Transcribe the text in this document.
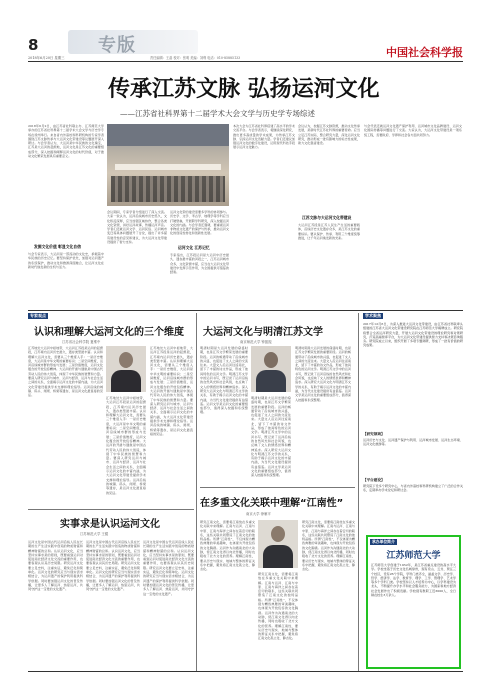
8
2018年6月20日 星期三
专版
责任编辑：王晶 校对：张明 美编：刘利 电话：010-85885133	中国社会科学报
传承江苏文脉 弘扬运河文化
——江苏省社科界第十二届学术大会文学与历史学专场综述
2018年6月2日，由江苏省社科联主办、江苏师范大学承办的江苏省社科界第十二届学术大会文学与历史学专场在徐州举行。来自省内外高校和科研机构的专家学者围绕江苏文脉传承与大运河文化带建设等议题展开深入研讨。与会学者认为，大运河是中华民族的文化瑰宝，江苏是大运河的起源地，运河文化是江苏文化的重要组成部分，深入挖掘和阐释运河文化的时代价值，对于推动文化繁荣发展具有重要意义。
发掘文化价值 彰显文化自信
与会专家表示，大运河是一部流动的文化史，承载着中华民族的历史记忆。要坚持保护优先，加强对运河遗产的系统保护，推动文化和旅游深度融合，让运河文化在新时代焕发新的生机与活力。
会议期间，专家学者分组进行了深入交流。大家一致认为，运河沿线城市历史悠久，文化积淀深厚，应当加强区域协作，整合各类文化资源，讲好运河故事，传播运河声音。学者们还就运河文学、运河民俗、运河城市变迁等具体问题展开了讨论，提出了许多富有建设性的意见和建议，为大运河文化带建设提供了智力支持。
运河文化带的建设需要多学科的协同参与。历史学、文学、考古学、地理学等学科应当打破壁垒，开展跨学科研究，深入挖掘运河文化的内涵。与会学者还强调，要重视运河非物质文化遗产的保护与传承，推动运河文化的创造性转化和创新性发展。
运河文化 江苏记忆
专家指出，江苏段运河是大运河中历史最久、遗存最丰富的河段之一，江苏运河城市众多，文化资源丰富，应当在大运河文化带建设中发挥示范作用，为全国提供可借鉴的经验。
本次大会为江苏省社科界搭建了高水平的学术交流平台。与会学者表示，将继续深化研究，推出更多高质量的学术成果，为传承江苏文脉、弘扬运河文化贡献力量。学者们还建议加强运河文化的数字化建设，运用现代科技手段展示运河文化魅力。
会议认为，挖掘江苏文脉资源，推动文化传承发展，是新时代江苏社科界的重要使命。应当立足江苏实际，整合研究力量，深化运河文化研究，推动形成一批有影响力的标志性成果，助力文化强省建设。
江苏文脉与大运河文化带建设
大运河江苏段是江苏人民生产生活的重要载体，沿线历史文化遗存众多，是江苏文化的重要标识。要从保护、传承、利用三个维度统筹推进，让千年运河焕发新的光彩。
与会代表还就运河文化遗产保护利用、运河城市文化品牌建设、运河文化国际传播等问题进行了交流。大家认为，大运河文化带建设是一项系统工程，需要政府、学界和社会各方面共同努力。
专家观点
认识和理解大运河文化的三个维度
江苏省社会科学院 夏维中
江苏地处大运河中枢地带，大运河江苏段是运河的起源段，江苏境内运河历史最久，遗存类型最丰富。认识和理解大运河文化，需要从三个维度入手：一是历史维度，大运河是中华文明的重要标识；二是空间维度，运河沿线城市群的形成与发展；三是价值维度，运河文化蕴含的开放包容精神。大运河的开凿与通航是中国古代劳动人民的伟大创造，体现了中华民族的智慧和力量。要深入研究运河与城市、运河与经济、运河与社会生活之间的关系，全面揭示运河文化的丰富内涵，为大运河文化带建设提供学术支撑和理论指导。运河沿线的城镇、码头、闸坝、桥梁等遗存，是运河文化最直接的见证。
江苏地处大运河中枢地带，大运河江苏段是运河的起源段，江苏境内运河历史最久，遗存类型最丰富。认识和理解大运河文化，需要从三个维度入手：一是历史维度，大运河是中华文明的重要标识；二是空间维度，运河沿线城市群的形成与发展；三是价值维度，运河文化蕴含的开放包容精神。大运河的开凿与通航是中国古代劳动人民的伟大创造，体现了中华民族的智慧和力量。要深入研究运河与城市、运河与经济、运河与社会生活之间的关系，全面揭示运河文化的丰富内涵，为大运河文化带建设提供学术支撑和理论指导。运河沿线的城镇、码头、闸坝、桥梁等遗存，是运河文化最直接的见证。
江苏地处大运河中枢地带，大运河江苏段是运河的起源段，江苏境内运河历史最久，遗存类型最丰富。认识和理解大运河文化，需要从三个维度入手：一是历史维度，大运河是中华文明的重要标识；二是空间维度，运河沿线城市群的形成与发展；三是价值维度，运河文化蕴含的开放包容精神。大运河的开凿与通航是中国古代劳动人民的伟大创造，体现了中华民族的智慧和力量。要深入研究运河与城市、运河与经济、运河与社会生活之间的关系，全面揭示运河文化的丰富内涵，为大运河文化带建设提供学术支撑和理论指导。运河沿线的城镇、码头、闸坝、桥梁等遗存，是运河文化最直接的见证。
实事求是认识运河文化
江苏师范大学 王健
运河文化是中国古代运河沿线人民在长期的生产生活实践中创造的物质财富和精神财富的总和。认识运河文化，应当坚持实事求是的原则，既要看到运河对促进南北经济文化交流的重要作用，也要客观认识其历史局限。研究运河文化要立足史料，注重实证，避免泛化和简单化。运河文化的研究应当与现实需求相结合，为运河遗产的保护利用提供科学依据。同时要加强运河文化的普及传播，让更多人了解运河、热爱运河，共同守护这一宝贵的文化遗产。
运河文化是中国古代运河沿线人民在长期的生产生活实践中创造的物质财富和精神财富的总和。认识运河文化，应当坚持实事求是的原则，既要看到运河对促进南北经济文化交流的重要作用，也要客观认识其历史局限。研究运河文化要立足史料，注重实证，避免泛化和简单化。运河文化的研究应当与现实需求相结合，为运河遗产的保护利用提供科学依据。同时要加强运河文化的普及传播，让更多人了解运河、热爱运河，共同守护这一宝贵的文化遗产。
运河文化是中国古代运河沿线人民在长期的生产生活实践中创造的物质财富和精神财富的总和。认识运河文化，应当坚持实事求是的原则，既要看到运河对促进南北经济文化交流的重要作用，也要客观认识其历史局限。研究运河文化要立足史料，注重实证，避免泛化和简单化。运河文化的研究应当与现实需求相结合，为运河遗产的保护利用提供科学依据。同时要加强运河文化的普及传播，让更多人了解运河、热爱运河，共同守护这一宝贵的文化遗产。
大运河文化与明清江苏文学
南京师范大学 钟振振
明清时期是大运河发展的鼎盛时期，也是江苏文学繁荣发展的重要阶段。运河的畅通带动了沿线城市的兴盛，也促进了文人之间的交流往来。大量文人沿运河往返南北，留下了丰富的诗文作品，形成了独具特色的运河文学。明清江苏文学中的运河书写，既记录了运河沿线的自然风光和社会风貌，也反映了文人的情感世界和精神追求。深入研究大运河文化与明清江苏文学的关系，有助于揭示运河文化的丰富内涵，为当代文化建设提供有益借鉴。运河文学是运河文化的重要组成部分，值得深入挖掘和系统整理。
明清时期是大运河发展的鼎盛时期，也是江苏文学繁荣发展的重要阶段。运河的畅通带动了沿线城市的兴盛，也促进了文人之间的交流往来。大量文人沿运河往返南北，留下了丰富的诗文作品，形成了独具特色的运河文学。明清江苏文学中的运河书写，既记录了运河沿线的自然风光和社会风貌，也反映了文人的情感世界和精神追求。深入研究大运河文化与明清江苏文学的关系，有助于揭示运河文化的丰富内涵，为当代文化建设提供有益借鉴。运河文学是运河文化的重要组成部分，值得深入挖掘和系统整理。
明清时期是大运河发展的鼎盛时期，也是江苏文学繁荣发展的重要阶段。运河的畅通带动了沿线城市的兴盛，也促进了文人之间的交流往来。大量文人沿运河往返南北，留下了丰富的诗文作品，形成了独具特色的运河文学。明清江苏文学中的运河书写，既记录了运河沿线的自然风光和社会风貌，也反映了文人的情感世界和精神追求。深入研究大运河文化与明清江苏文学的关系，有助于揭示运河文化的丰富内涵，为当代文化建设提供有益借鉴。运河文学是运河文化的重要组成部分，值得深入挖掘和系统整理。
在多重文化关联中理解“江南性”
南京大学 徐雁平
研究江南文化，需要将江南放在多重文化关联中来理解。江南与运河、江南与中原、江南与海洋之间存在着密切的联系，这些关联共同塑造了江南文化的独特品格。所谓“江南性”，不仅体现为精致典雅的审美趣味，也体现为开放包容的文化胸襟。运河作为沟通南北的大动脉，使江南文化得以向北传播，同时也吸收了北方文化的营养。理解江南性，要从历史与现实、地域与整体的辩证关系中把握，避免将江南文化孤立化、静态化。
研究江南文化，需要将江南放在多重文化关联中来理解。江南与运河、江南与中原、江南与海洋之间存在着密切的联系，这些关联共同塑造了江南文化的独特品格。所谓“江南性”，不仅体现为精致典雅的审美趣味，也体现为开放包容的文化胸襟。运河作为沟通南北的大动脉，使江南文化得以向北传播，同时也吸收了北方文化的营养。理解江南性，要从历史与现实、地域与整体的辩证关系中把握，避免将江南文化孤立化、静态化。
研究江南文化，需要将江南放在多重文化关联中来理解。江南与运河、江南与中原、江南与海洋之间存在着密切的联系，这些关联共同塑造了江南文化的独特品格。所谓“江南性”，不仅体现为精致典雅的审美趣味，也体现为开放包容的文化胸襟。运河作为沟通南北的大动脉，使江南文化得以向北传播，同时也吸收了北方文化的营养。理解江南性，要从历史与现实、地域与整体的辩证关系中把握，避免将江南文化孤立化、静态化。
学术聚焦
2017年12月6日，为深入推进大运河文化带建设，由江苏省社科联牵头组建的江苏省大运河文化带建设研究院在江苏师范大学揭牌成立。研究院将整合全省运河研究力量，开展大运河文化带建设的理论研究和对策研究，打造高端智库平台，为大运河文化带建设提供智力支持和决策咨询服务。研究院成立以来，组织开展了多项专题调研，形成了一批有价值的研究成果。
【研究领域】
运河历史与文化、运河遗产保护与利用、运河城市发展、运河生态环境、运河文化旅游等。
【平台建设】
研究院下设多个研究中心，与省内外高校和科研机构建立了广泛的合作关系，定期举办学术论坛和研讨会。
承办单位简介
江苏师范大学
江苏师范大学创建于1952年，是江苏省重点建设的高水平大学。学校坐落于历史文化名城徐州，现有泉山、云龙、贾汪三个校区，设有26个学院，学科门类齐全，涵盖文学、历史学、哲学、经济学、法学、教育学、理学、工学、管理学、艺术学等多个学科门类。学校坚持以人才培养为中心，以学科建设为龙头，不断提升办学水平和社会服务能力，为国家和地方经济社会发展作出了积极贡献。学校现有教职工近3000人，全日制在校生3万余人。
